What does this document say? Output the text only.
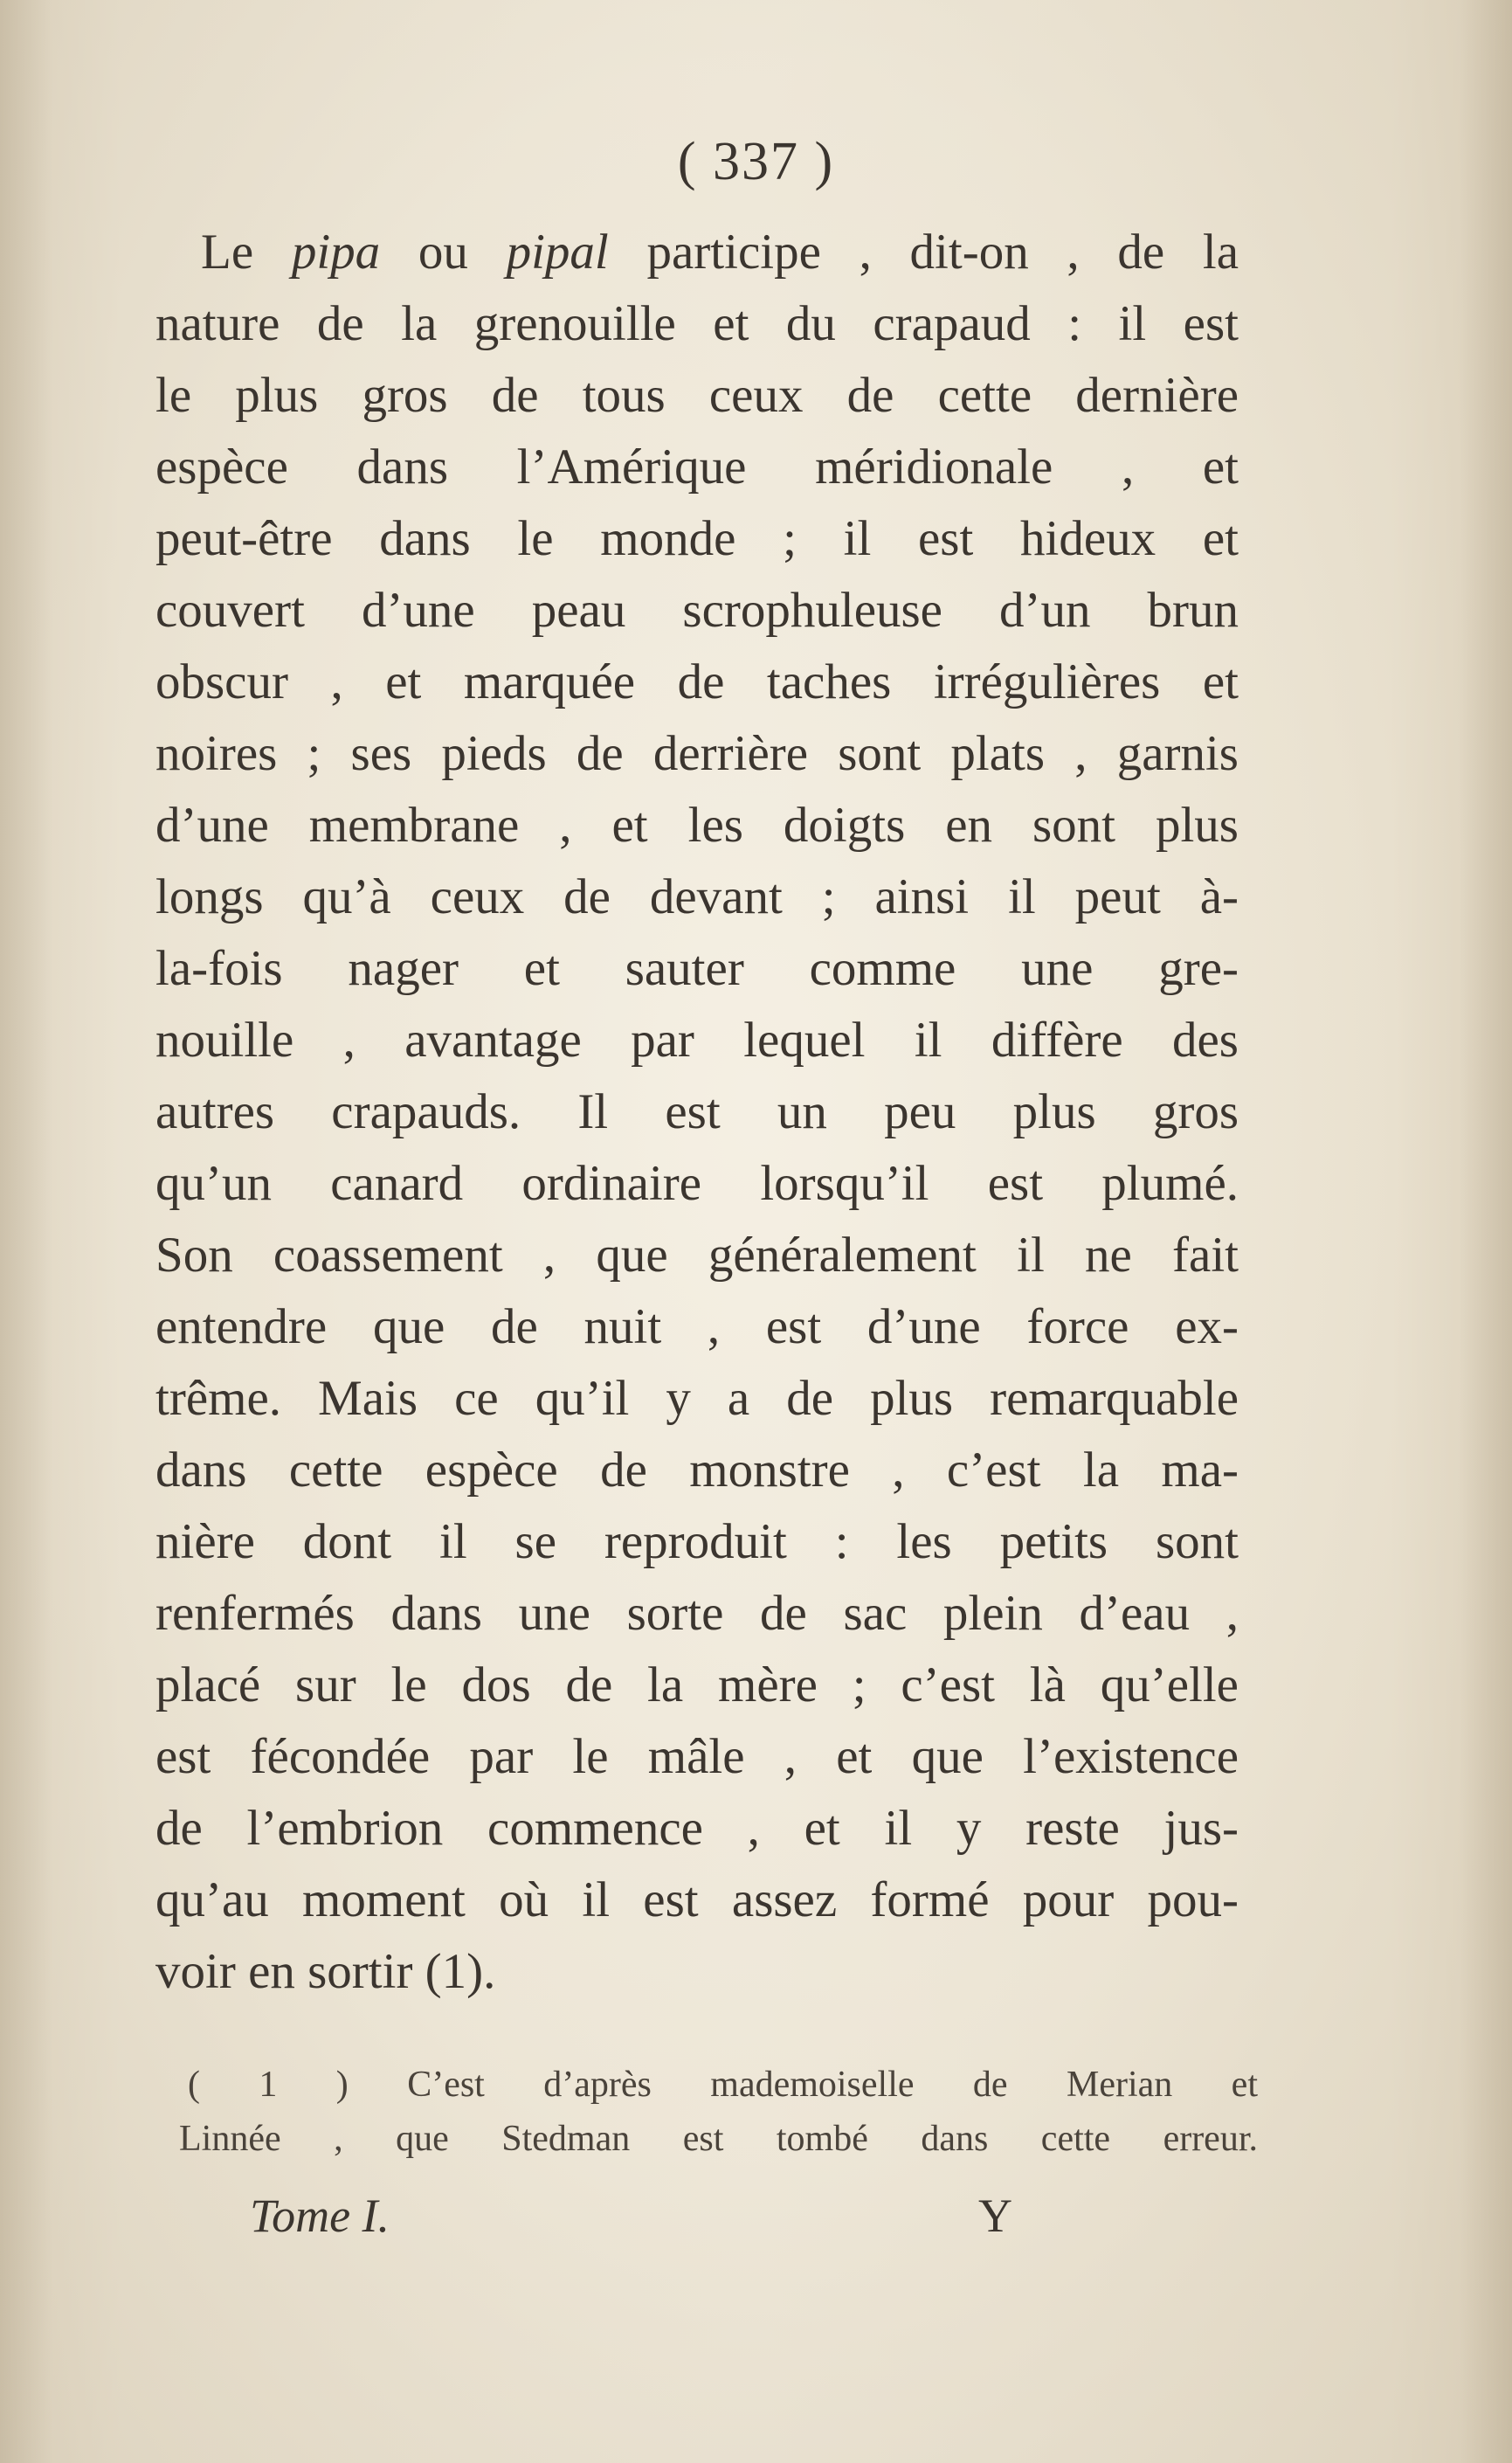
( 337 )
Le pipa ou pipal participe , dit-on , de la
nature de la grenouille et du crapaud : il est
le plus gros de tous ceux de cette dernière
espèce dans l’Amérique méridionale , et
peut-être dans le monde ; il est hideux et
couvert d’une peau scrophuleuse d’un brun
obscur , et marquée de taches irrégulières et
noires ; ses pieds de derrière sont plats , garnis
d’une membrane , et les doigts en sont plus
longs qu’à ceux de devant ; ainsi il peut à-
la-fois nager et sauter comme une gre-
nouille , avantage par lequel il diffère des
autres crapauds. Il est un peu plus gros
qu’un canard ordinaire lorsqu’il est plumé.
Son coassement , que généralement il ne fait
entendre que de nuit , est d’une force ex-
trême. Mais ce qu’il y a de plus remarquable
dans cette espèce de monstre , c’est la ma-
nière dont il se reproduit : les petits sont
renfermés dans une sorte de sac plein d’eau ,
placé sur le dos de la mère ; c’est là qu’elle
est fécondée par le mâle , et que l’existence
de l’embrion commence , et il y reste jus-
qu’au moment où il est assez formé pour pou-
voir en sortir (1).
( 1 ) C’est d’après mademoiselle de Merian et
Linnée , que Stedman est tombé dans cette erreur.
Tome I.	Y
